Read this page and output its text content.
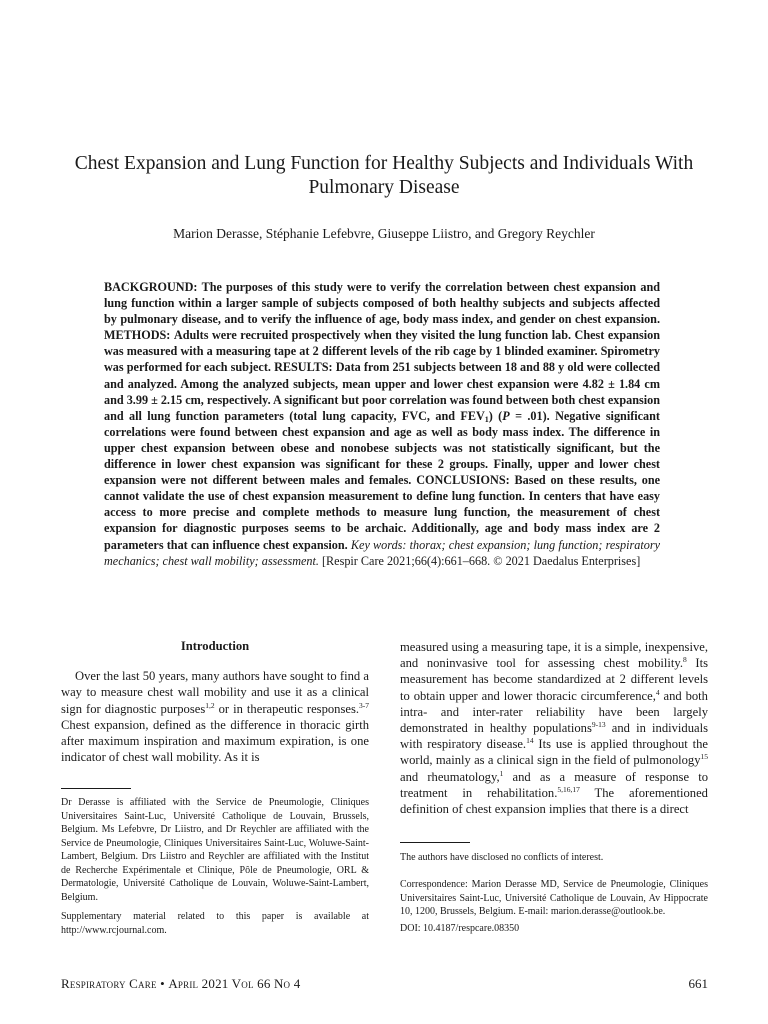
Chest Expansion and Lung Function for Healthy Subjects and Individuals With Pulmonary Disease
Marion Derasse, Stéphanie Lefebvre, Giuseppe Liistro, and Gregory Reychler

BACKGROUND: The purposes of this study were to verify the correlation between chest expansion and lung function within a larger sample of subjects composed of both healthy subjects and subjects affected by pulmonary disease, and to verify the influence of age, body mass index, and gender on chest expansion. METHODS: Adults were recruited prospectively when they visited the lung function lab. Chest expansion was measured with a measuring tape at 2 different levels of the rib cage by 1 blinded examiner. Spirometry was performed for each subject. RESULTS: Data from 251 subjects between 18 and 88 y old were collected and analyzed. Among the analyzed subjects, mean upper and lower chest expansion were 4.82 ± 1.84 cm and 3.99 ± 2.15 cm, respectively. A significant but poor correlation was found between both chest expansion and all lung function parameters (total lung capacity, FVC, and $FEV_1$) (P = .01). Negative significant correlations were found between chest expansion and age as well as body mass index. The difference in upper chest expansion between obese and nonobese subjects was not statistically significant, but the difference in lower chest expansion was significant for these 2 groups. Finally, upper and lower chest expansion were not different between males and females. CONCLUSIONS: Based on these results, one cannot validate the use of chest expansion measurement to define lung function. In centers that have easy access to more precise and complete methods to measure lung function, the measurement of chest expansion for diagnostic purposes seems to be archaic. Additionally, age and body mass index are 2 parameters that can influence chest expansion. Key words: thorax; chest expansion; lung function; respiratory mechanics; chest wall mobility; assessment. [Respir Care 2021;66(4):661–668. © 2021 Daedalus Enterprises]

Introduction

Over the last 50 years, many authors have sought to find a way to measure chest wall mobility and use it as a clinical sign for diagnostic purposes$^{1,2}$ or in therapeutic responses.$^{3-7}$ Chest expansion, defined as the difference in thoracic girth after maximum inspiration and maximum expiration, is one indicator of chest wall mobility. As it is

measured using a measuring tape, it is a simple, inexpensive, and noninvasive tool for assessing chest mobility.$^8$ Its measurement has become standardized at 2 different levels to obtain upper and lower thoracic circumference,$^4$ and both intra- and inter-rater reliability have been largely demonstrated in healthy populations$^{9-13}$ and in individuals with respiratory disease.$^{14}$ Its use is applied throughout the world, mainly as a clinical sign in the field of pulmonology$^{15}$ and rheumatology,$^1$ and as a measure of response to treatment in rehabilitation.$^{5,16,17}$ The aforementioned definition of chest expansion implies that there is a direct

Dr Derasse is affiliated with the Service de Pneumologie, Cliniques Universitaires Saint-Luc, Université Catholique de Louvain, Brussels, Belgium. Ms Lefebvre, Dr Liistro, and Dr Reychler are affiliated with the Service de Pneumologie, Cliniques Universitaires Saint-Luc, Woluwe-Saint-Lambert, Belgium. Drs Liistro and Reychler are affiliated with the Institut de Recherche Expérimentale et Clinique, Pôle de Pneumologie, ORL & Dermatologie, Université Catholique de Louvain, Woluwe-Saint-Lambert, Belgium.

Supplementary material related to this paper is available at http://www.rcjournal.com.

The authors have disclosed no conflicts of interest.

Correspondence: Marion Derasse MD, Service de Pneumologie, Cliniques Universitaires Saint-Luc, Université Catholique de Louvain, Av Hippocrate 10, 1200, Brussels, Belgium. E-mail: marion.derasse@outlook.be.

DOI: 10.4187/respcare.08350

Respiratory Care • April 2021 Vol 66 No 4	661
